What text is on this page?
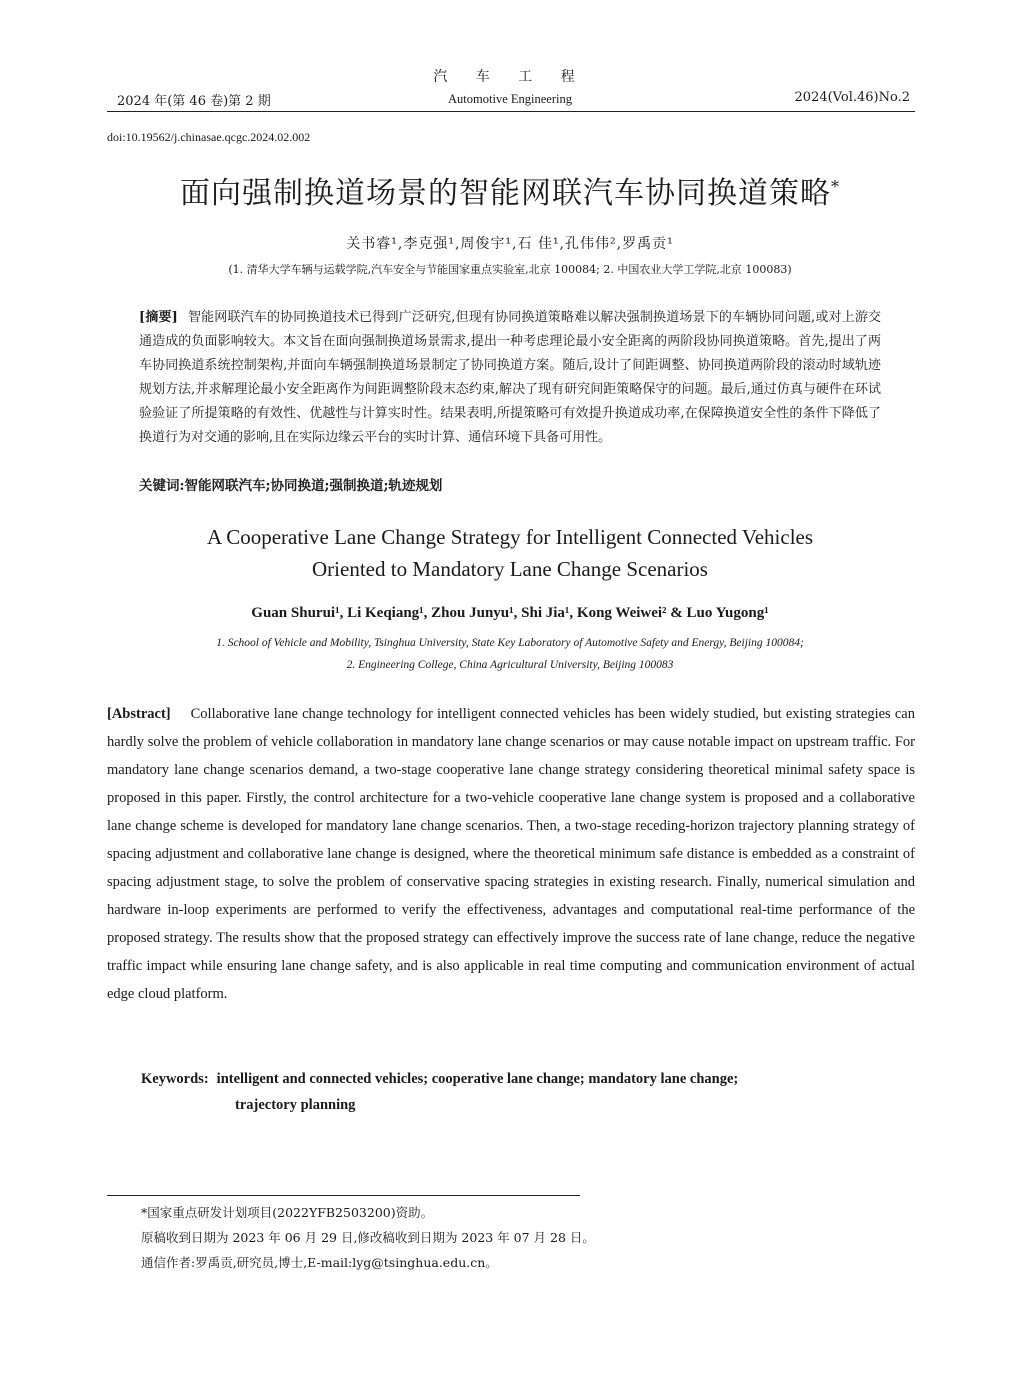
汽 车 工 程
2024 年(第 46 卷)第 2 期	Automotive Engineering	2024(Vol.46)No.2
doi:10.19562/j.chinasae.qcgc.2024.02.002
面向强制换道场景的智能网联汽车协同换道策略*
关书睿¹,李克强¹,周俊宇¹,石 佳¹,孔伟伟²,罗禹贡¹
(1. 清华大学车辆与运载学院,汽车安全与节能国家重点实验室,北京 100084; 2. 中国农业大学工学院,北京 100083)
[摘要] 智能网联汽车的协同换道技术已得到广泛研究,但现有协同换道策略难以解决强制换道场景下的车辆协同问题,或对上游交通造成的负面影响较大。本文旨在面向强制换道场景需求,提出一种考虑理论最小安全距离的两阶段协同换道策略。首先,提出了两车协同换道系统控制架构,并面向车辆强制换道场景制定了协同换道方案。随后,设计了间距调整、协同换道两阶段的滚动时域轨迹规划方法,并求解理论最小安全距离作为间距调整阶段末态约束,解决了现有研究间距策略保守的问题。最后,通过仿真与硬件在环试验验证了所提策略的有效性、优越性与计算实时性。结果表明,所提策略可有效提升换道成功率,在保障换道安全性的条件下降低了换道行为对交通的影响,且在实际边缘云平台的实时计算、通信环境下具备可用性。
关键词:智能网联汽车;协同换道;强制换道;轨迹规划
A Cooperative Lane Change Strategy for Intelligent Connected Vehicles
Oriented to Mandatory Lane Change Scenarios
Guan Shurui¹, Li Keqiang¹, Zhou Junyu¹, Shi Jia¹, Kong Weiwei² & Luo Yugong¹
1. School of Vehicle and Mobility, Tsinghua University, State Key Laboratory of Automotive Safety and Energy, Beijing 100084;
2. Engineering College, China Agricultural University, Beijing 100083
[Abstract] Collaborative lane change technology for intelligent connected vehicles has been widely studied, but existing strategies can hardly solve the problem of vehicle collaboration in mandatory lane change scenarios or may cause notable impact on upstream traffic. For mandatory lane change scenarios demand, a two-stage cooperative lane change strategy considering theoretical minimal safety space is proposed in this paper. Firstly, the control architecture for a two-vehicle cooperative lane change system is proposed and a collaborative lane change scheme is developed for mandatory lane change scenarios. Then, a two-stage receding-horizon trajectory planning strategy of spacing adjustment and collaborative lane change is designed, where the theoretical minimum safe distance is embedded as a constraint of spacing adjustment stage, to solve the problem of conservative spacing strategies in existing research. Finally, numerical simulation and hardware in-loop experiments are performed to verify the effectiveness, advantages and computational real-time performance of the proposed strategy. The results show that the proposed strategy can effectively improve the success rate of lane change, reduce the negative traffic impact while ensuring lane change safety, and is also applicable in real time computing and communication environment of actual edge cloud platform.
Keywords: intelligent and connected vehicles; cooperative lane change; mandatory lane change;
trajectory planning
*国家重点研发计划项目(2022YFB2503200)资助。
原稿收到日期为 2023 年 06 月 29 日,修改稿收到日期为 2023 年 07 月 28 日。
通信作者:罗禹贡,研究员,博士,E-mail:lyg@tsinghua.edu.cn。
